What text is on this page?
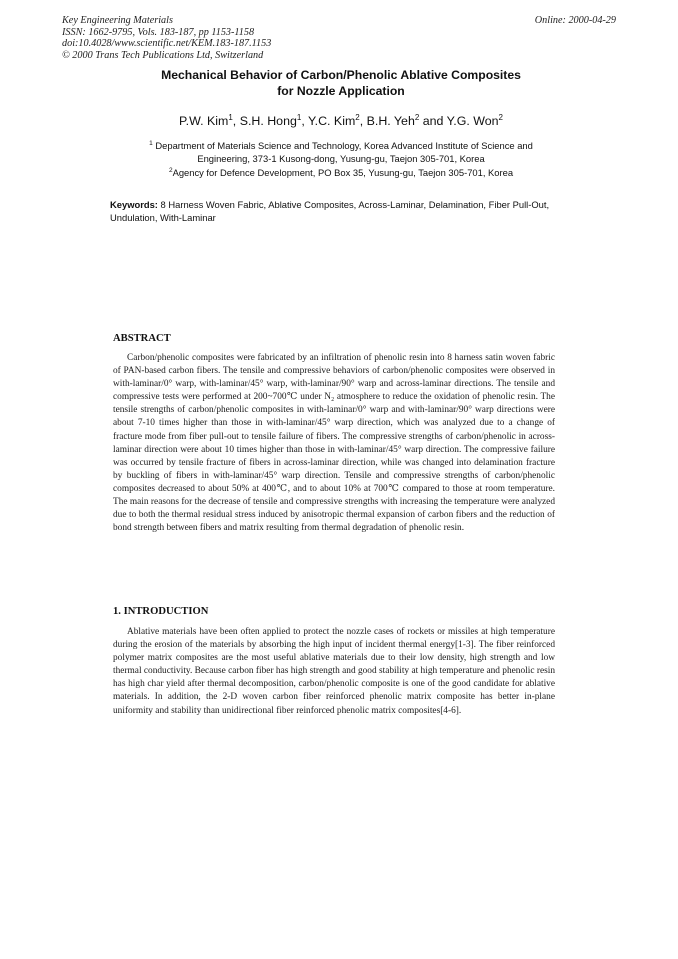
Key Engineering Materials
ISSN: 1662-9795, Vols. 183-187, pp 1153-1158
doi:10.4028/www.scientific.net/KEM.183-187.1153
© 2000 Trans Tech Publications Ltd, Switzerland
Online: 2000-04-29
Mechanical Behavior of Carbon/Phenolic Ablative Composites
for Nozzle Application
P.W. Kim$^1$, S.H. Hong$^1$, Y.C. Kim$^2$, B.H. Yeh$^2$ and Y.G. Won$^2$
$^1$ Department of Materials Science and Technology, Korea Advanced Institute of Science and
Engineering, 373-1 Kusong-dong, Yusung-gu, Taejon 305-701, Korea
$^2$Agency for Defence Development, PO Box 35, Yusung-gu, Taejon 305-701, Korea
Keywords: 8 Harness Woven Fabric, Ablative Composites, Across-Laminar, Delamination, Fiber Pull-Out, Undulation, With-Laminar
ABSTRACT

Carbon/phenolic composites were fabricated by an infiltration of phenolic resin into 8 harness satin woven fabric of PAN-based carbon fibers. The tensile and compressive behaviors of carbon/phenolic composites were observed in with-laminar/0° warp, with-laminar/45° warp, with-laminar/90° warp and across-laminar directions. The tensile and compressive tests were performed at 200~700℃ under N₂ atmosphere to reduce the oxidation of phenolic resin. The tensile strengths of carbon/phenolic composites in with-laminar/0° warp and with-laminar/90° warp directions were about 7-10 times higher than those in with-laminar/45° warp direction, which was analyzed due to a change of fracture mode from fiber pull-out to tensile failure of fibers. The compressive strengths of carbon/phenolic in across-laminar direction were about 10 times higher than those in with-laminar/45° warp direction. The compressive failure was occurred by tensile fracture of fibers in across-laminar direction, while was changed into delamination fracture by buckling of fibers in with-laminar/45° warp direction. Tensile and compressive strengths of carbon/phenolic composites decreased to about 50% at 400℃, and to about 10% at 700℃ compared to those at room temperature. The main reasons for the decrease of tensile and compressive strengths with increasing the temperature were analyzed due to both the thermal residual stress induced by anisotropic thermal expansion of carbon fibers and the reduction of bond strength between fibers and matrix resulting from thermal degradation of phenolic resin.

1. INTRODUCTION

Ablative materials have been often applied to protect the nozzle cases of rockets or missiles at high temperature during the erosion of the materials by absorbing the high input of incident thermal energy[1-3]. The fiber reinforced polymer matrix composites are the most useful ablative materials due to their low density, high strength and low thermal conductivity. Because carbon fiber has high strength and good stability at high temperature and phenolic resin has high char yield after thermal decomposition, carbon/phenolic composite is one of the good candidate for ablative materials. In addition, the 2-D woven carbon fiber reinforced phenolic matrix composite has better in-plane uniformity and stability than unidirectional fiber reinforced phenolic matrix composites[4-6].
